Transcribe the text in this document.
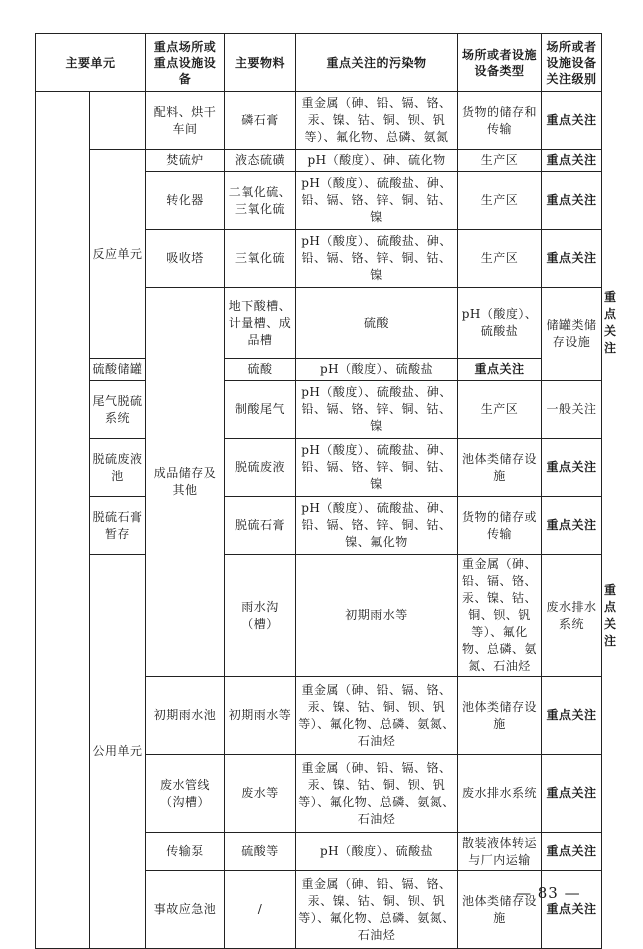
主要单元		重点场所或重点设施设备	主要物料	重点关注的污染物	场所或者设施设备类型	场所或者设施设备关注级别	
		配料、烘干车间	磷石膏	重金属（砷、铅、镉、铬、汞、镍、钴、铜、钡、钒等）、氟化物、总磷、氨氮	货物的储存和传输	重点关注	
	反应单元	焚硫炉	液态硫磺	pH（酸度）、砷、硫化物	生产区	重点关注	
		转化器	二氧化硫、三氧化硫	pH（酸度）、硫酸盐、砷、铅、镉、铬、锌、铜、钴、镍	生产区	重点关注	
		吸收塔	三氧化硫	pH（酸度）、硫酸盐、砷、铅、镉、铬、锌、铜、钴、镍	生产区	重点关注	
		成品储存及其他	地下酸槽、计量槽、成品槽	硫酸	pH（酸度）、硫酸盐	储罐类储存设施	重点关注
	硫酸储罐		硫酸	pH（酸度）、硫酸盐	重点关注		
	尾气脱硫系统		制酸尾气	pH（酸度）、硫酸盐、砷、铅、镉、铬、锌、铜、钴、镍	生产区	一般关注	
	脱硫废液池		脱硫废液	pH（酸度）、硫酸盐、砷、铅、镉、铬、锌、铜、钴、镍	池体类储存设施	重点关注	
	脱硫石膏暂存		脱硫石膏	pH（酸度）、硫酸盐、砷、铅、镉、铬、锌、铜、钴、镍、氟化物	货物的储存或传输	重点关注	
	公用单元		雨水沟（槽）	初期雨水等	重金属（砷、铅、镉、铬、汞、镍、钴、铜、钡、钒等）、氟化物、总磷、氨氮、石油烃	废水排水系统	重点关注
		初期雨水池	初期雨水等	重金属（砷、铅、镉、铬、汞、镍、钴、铜、钡、钒等）、氟化物、总磷、氨氮、石油烃	池体类储存设施	重点关注	
		废水管线（沟槽）	废水等	重金属（砷、铅、镉、铬、汞、镍、钴、铜、钡、钒等）、氟化物、总磷、氨氮、石油烃	废水排水系统	重点关注	
		传输泵	硫酸等	pH（酸度）、硫酸盐	散装液体转运与厂内运输	重点关注	
		事故应急池	/	重金属（砷、铅、镉、铬、汞、镍、钴、铜、钡、钒等）、氟化物、总磷、氨氮、石油烃	池体类储存设施	重点关注	
— 83 —
